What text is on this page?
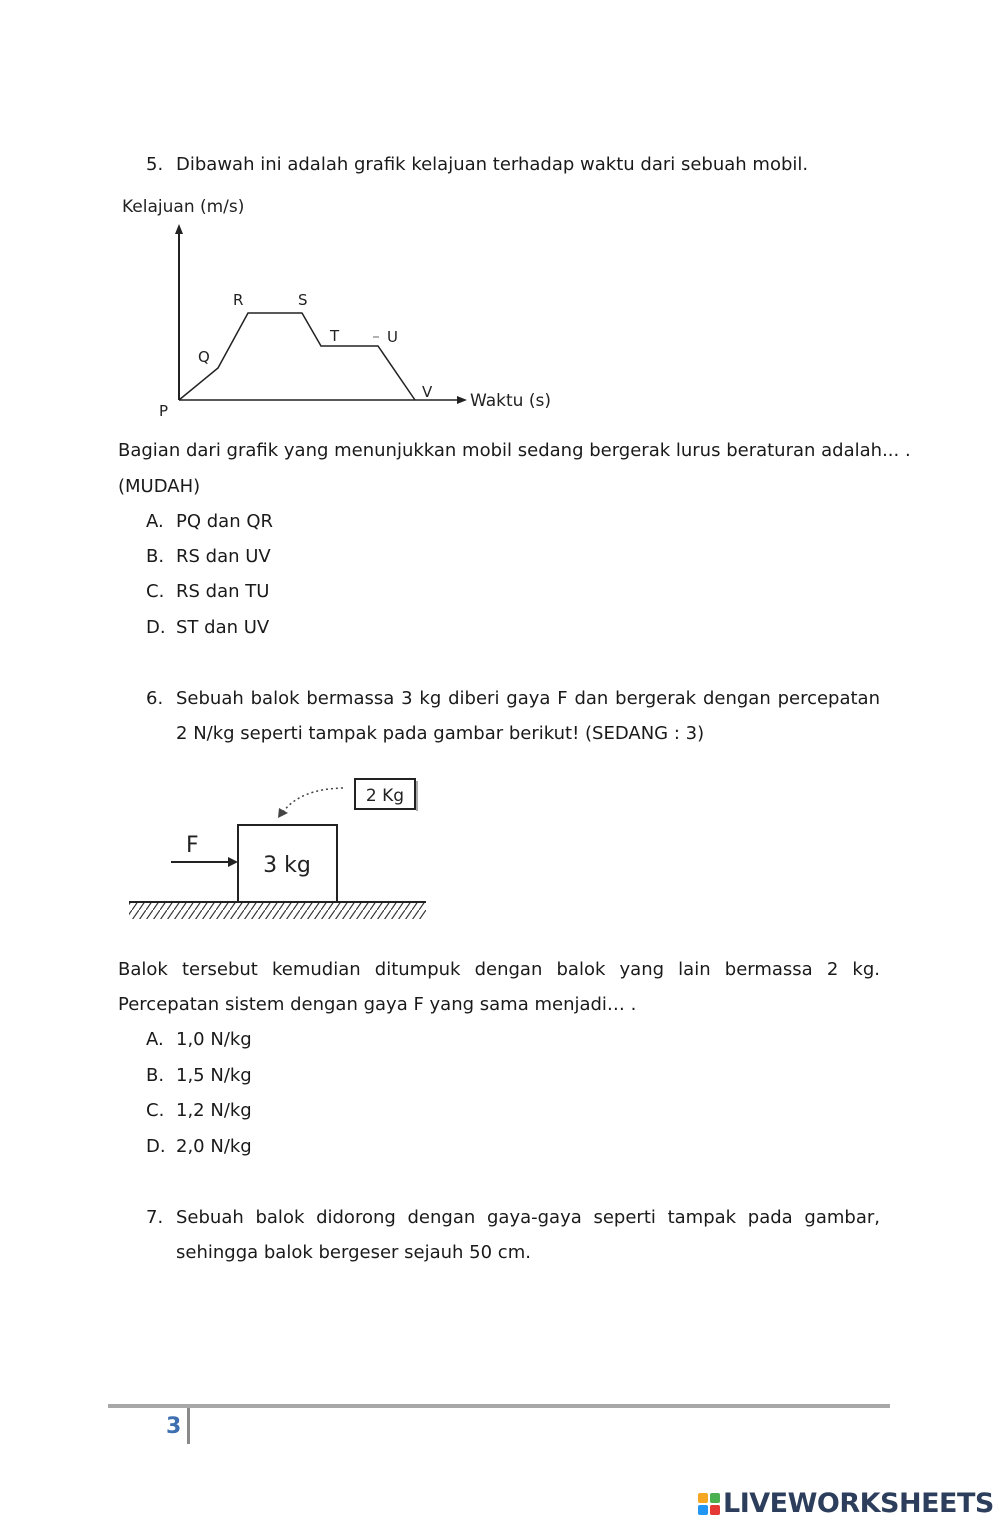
5. Dibawah ini adalah grafik kelajuan terhadap waktu dari sebuah mobil.
Kelajuan (m/s)
Waktu (s)
P
Q
R	S
T	U
V
Bagian dari grafik yang menunjukkan mobil sedang bergerak lurus beraturan adalah... .
(MUDAH)
A. PQ dan QR
B. RS dan UV
C. RS dan TU
D. ST dan UV
6. Sebuah balok bermassa 3 kg diberi gaya F dan bergerak dengan percepatan 2 N/kg seperti tampak pada gambar berikut! (SEDANG : 3)
3 kg
F
2 Kg
Balok tersebut kemudian ditumpuk dengan balok yang lain bermassa 2 kg. Percepatan sistem dengan gaya F yang sama menjadi… .
A. 1,0 N/kg
B. 1,5 N/kg
C. 1,2 N/kg
D. 2,0 N/kg
7. Sebuah balok didorong dengan gaya-gaya seperti tampak pada gambar, sehingga balok bergeser sejauh 50 cm.
3
LIVEWORKSHEETS
